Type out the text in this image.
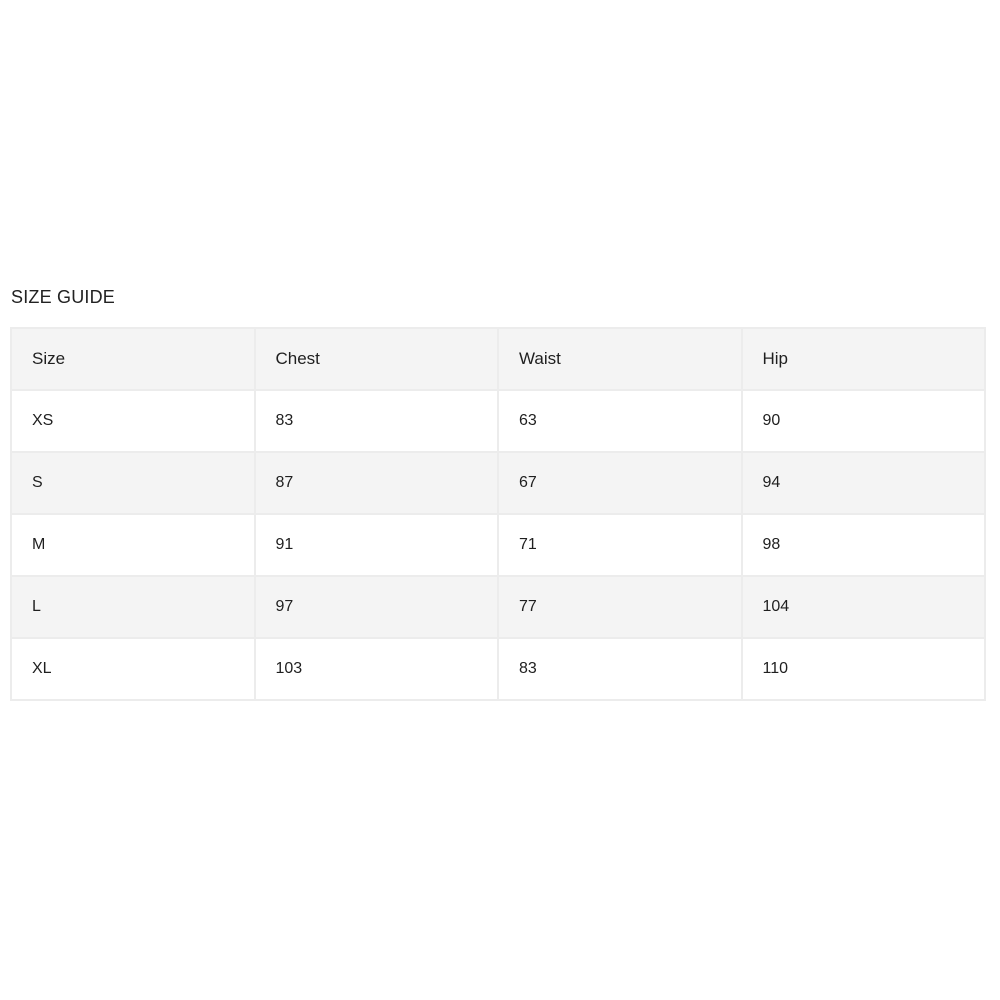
SIZE GUIDE
Size	Chest	Waist	Hip
XS	83	63	90
S	87	67	94
M	91	71	98
L	97	77	104
XL	103	83	110
